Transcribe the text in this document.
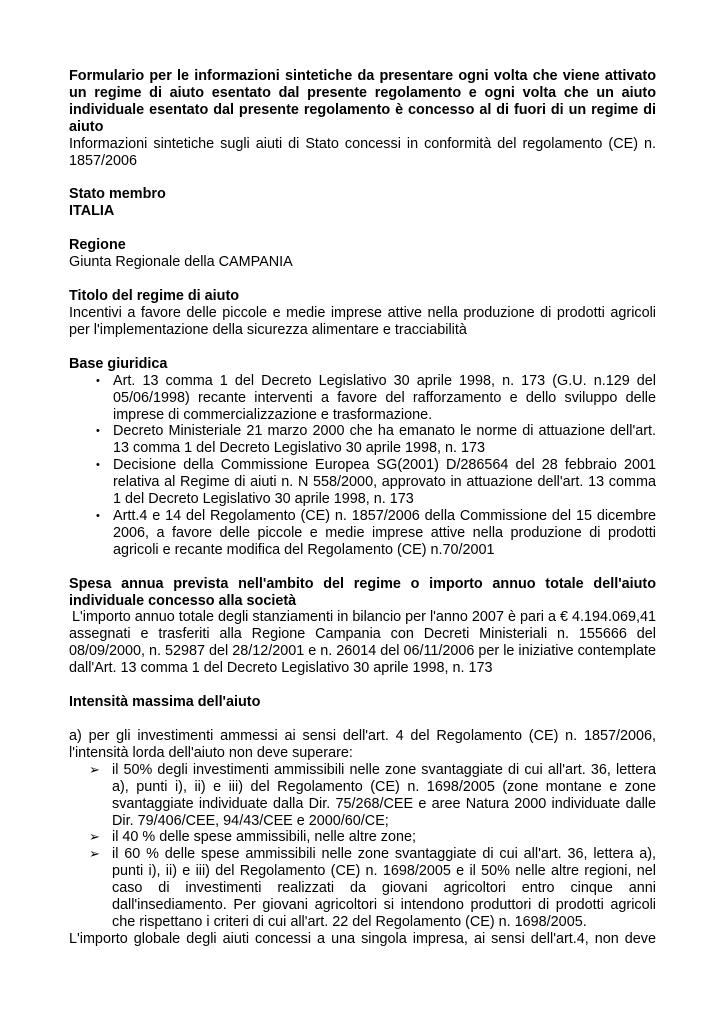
Formulario per le informazioni sintetiche da presentare ogni volta che viene attivato un regime di aiuto esentato dal presente regolamento e ogni volta che un aiuto individuale esentato dal presente regolamento è concesso al di fuori di un regime di aiuto
Informazioni sintetiche sugli aiuti di Stato concessi in conformità del regolamento (CE) n. 1857/2006
Stato membro
ITALIA
Regione
Giunta Regionale della CAMPANIA
Titolo del regime di aiuto
Incentivi a favore delle piccole e medie imprese attive nella produzione di prodotti agricoli per l'implementazione della sicurezza alimentare e tracciabilità
Base giuridica
• Art. 13 comma 1 del Decreto Legislativo 30 aprile 1998, n. 173 (G.U. n.129 del 05/06/1998) recante interventi a favore del rafforzamento e dello sviluppo delle imprese di commercializzazione e trasformazione.
• Decreto Ministeriale 21 marzo 2000 che ha emanato le norme di attuazione dell'art. 13 comma 1 del Decreto Legislativo 30 aprile 1998, n. 173
• Decisione della Commissione Europea SG(2001) D/286564 del 28 febbraio 2001 relativa al Regime di aiuti n. N 558/2000, approvato in attuazione dell'art. 13 comma 1 del Decreto Legislativo 30 aprile 1998, n. 173
• Artt.4 e 14 del Regolamento (CE) n. 1857/2006 della Commissione del 15 dicembre 2006, a favore delle piccole e medie imprese attive nella produzione di prodotti agricoli e recante modifica del Regolamento (CE) n.70/2001
Spesa annua prevista nell'ambito del regime o importo annuo totale dell'aiuto individuale concesso alla società
L'importo annuo totale degli stanziamenti in bilancio per l'anno 2007 è pari a € 4.194.069,41 assegnati e trasferiti alla Regione Campania con Decreti Ministeriali n. 155666 del 08/09/2000, n. 52987 del 28/12/2001 e n. 26014 del 06/11/2006 per le iniziative contemplate dall'Art. 13 comma 1 del Decreto Legislativo 30 aprile 1998, n. 173
Intensità massima dell'aiuto
a) per gli investimenti ammessi ai sensi dell'art. 4 del Regolamento (CE) n. 1857/2006, l'intensità lorda dell'aiuto non deve superare:
➢ il 50% degli investimenti ammissibili nelle zone svantaggiate di cui all'art. 36, lettera a), punti i), ii) e iii) del Regolamento (CE) n. 1698/2005 (zone montane e zone svantaggiate individuate dalla Dir. 75/268/CEE e aree Natura 2000 individuate dalle Dir. 79/406/CEE, 94/43/CEE e 2000/60/CE;
➢ il 40 % delle spese ammissibili, nelle altre zone;
➢ il 60 % delle spese ammissibili nelle zone svantaggiate di cui all'art. 36, lettera a), punti i), ii) e iii) del Regolamento (CE) n. 1698/2005 e il 50% nelle altre regioni, nel caso di investimenti realizzati da giovani agricoltori entro cinque anni dall'insediamento. Per giovani agricoltori si intendono produttori di prodotti agricoli che rispettano i criteri di cui all'art. 22 del Regolamento (CE) n. 1698/2005.
L'importo globale degli aiuti concessi a una singola impresa, ai sensi dell'art.4, non deve
